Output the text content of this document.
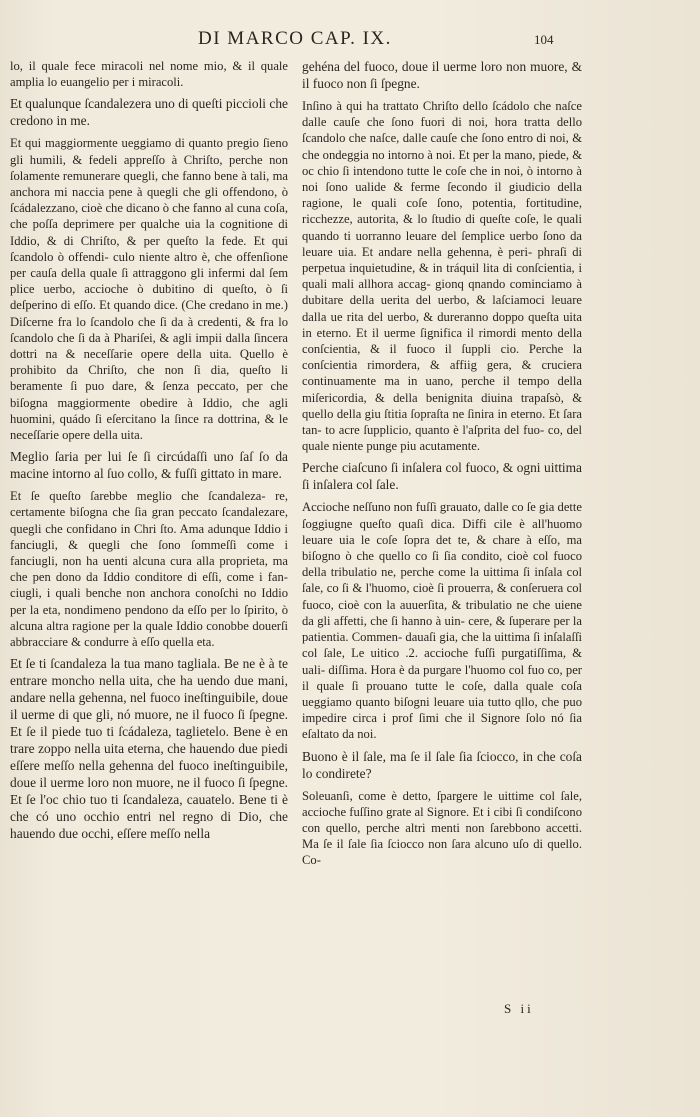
DI MARCO CAP. IX.	104

lo, il quale fece miracoli nel nome mio, & il quale amplia lo euangelio per i miracoli.

Et qualunque ſcandalezera uno di queſti piccioli che credono in me.

Et qui maggiormente ueggiamo di quanto pregio ſieno gli humili, & fedeli appreſſo à Chriſto, perche non ſolamente remunerare quegli, che fanno bene à tali, ma anchora mi naccia pene à quegli che gli offendono, ò ſcádalezzano, cioè che dicano ò che fanno al cuna coſa, che poſſa deprimere per qualche uia la cognitione di Iddio, & di Chriſto, & per queſto la fede. Et qui ſcandolo ò offendi‑ culo niente altro è, che offenſione per cauſa della quale ſi attraggono gli infermi dal ſem plice uerbo, accioche ò dubitino di queſto, ò ſi deſperino di eſſo. Et quando dice. (Che credano in me.) Diſcerne fra lo ſcandolo che ſi da à credenti, & fra lo ſcandolo che ſi da à Phariſei, & agli impii dalla ſincera dottri na & neceſſarie opere della uita. Quello è prohibito da Chriſto, che non ſi dia, queſto li beramente ſi puo dare, & ſenza peccato, per che biſogna maggiormente obedire à Iddio, che agli huomini, quádo ſi eſercitano la ſince ra dottrina, & le neceſſarie opere della uita.

Meglio ſaria per lui ſe ſi circúdaſſi uno ſaſ ſo da macine intorno al ſuo collo, & fuſſi gittato in mare.

Et ſe queſto ſarebbe meglio che ſcandaleza‑ re, certamente biſogna che ſia gran peccato ſcandalezare, quegli che confidano in Chri ſto. Ama adunque Iddio i fanciugli, & quegli che ſono ſommeſſi come i fanciugli, non ha uenti alcuna cura alla proprieta, ma che pen dono da Iddio conditore di eſſi, come i fan‑ ciugli, i quali benche non anchora conoſchi no Iddio per la eta, nondimeno pendono da eſſo per lo ſpirito, ò alcuna altra ragione per la quale Iddio conobbe douerſi abbracciare & condurre à eſſo quella eta.

Et ſe ti ſcandaleza la tua mano tagliala. Be ne è à te entrare moncho nella uita, che ha uendo due mani, andare nella gehenna, nel fuoco ineſtinguibile, doue il uerme di que gli, nó muore, ne il fuoco ſi ſpegne. Et ſe il piede tuo ti ſcádaleza, taglietelo. Bene è en trare zoppo nella uita eterna, che hauendo due piedi eſſere meſſo nella gehenna del fuoco ineſtinguibile, doue il uerme loro non muore, ne il fuoco ſi ſpegne. Et ſe l'oc chio tuo ti ſcandaleza, cauatelo. Bene ti è che có uno occhio entri nel regno di Dio, che hauendo due occhi, eſſere meſſo nella

gehéna del fuoco, doue il uerme loro non muore, & il fuoco non ſi ſpegne.

Inſino à qui ha trattato Chriſto dello ſcádolo che naſce dalle cauſe che ſono fuori di noi, hora tratta dello ſcandolo che naſce, dalle cauſe che ſono entro di noi, & che ondeggia no intorno à noi. Et per la mano, piede, & oc chio ſi intendono tutte le coſe che in noi, ò intorno à noi ſono ualide & ferme ſecondo il giudicio della ragione, le quali coſe ſono, potentia, fortitudine, ricchezze, autorita, & lo ſtudio di queſte coſe, le quali quando ti uorranno leuare del ſemplice uerbo ſono da leuare uia. Et andare nella gehenna, è peri‑ phraſi di perpetua inquietudine, & in tráquil lita di conſcientia, i quali mali allhora accag‑ gionq qnando cominciamo à dubitare della uerita del uerbo, & laſciamoci leuare dalla ue rita del uerbo, & dureranno doppo queſta uita in eterno. Et il uerme ſignifica il rimordi mento della conſcientia, & il fuoco il ſuppli cio. Perche la conſcientia rimordera, & affiig gera, & cruciera continuamente ma in uano, perche il tempo della miſericordia, & della benignita diuina trapaſsò, & quello della giu ſtitia ſopraſta ne ſinira in eterno. Et ſara tan‑ to acre ſupplicio, quanto è l'aſprita del fuo‑ co, del quale niente punge piu acutamente.

Perche ciaſcuno ſi inſalera col fuoco, & ogni uittima ſi inſalera col ſale.

Accioche neſſuno non fuſſi grauato, dalle co ſe gia dette ſoggiugne queſto quaſi dica. Diffi cile è all'huomo leuare uia le coſe ſopra det te, & chare à eſſo, ma biſogno ò che quello co ſi ſia condito, cioè col fuoco della tribulatio ne, perche come la uittima ſi inſala col ſale, co ſi & l'huomo, cioè ſi prouerra, & conſeruera col fuoco, cioè con la auuerſita, & tribulatio ne che uiene da gli affetti, che ſi hanno à uin‑ cere, & ſuperare per la patientia. Commen‑ dauaſi gia, che la uittima ſi inſalaſſi col ſale, Le uitico .2. accioche fuſſi purgatiſſima, & uali‑ diſſima. Hora è da purgare l'huomo col fuo co, per il quale ſi prouano tutte le coſe, dalla quale coſa ueggiamo quanto biſogni leuare uia tutto qllo, che puo impedire circa i prof ſimi che il Signore ſolo nó ſia eſaltato da noi.

Buono è il ſale, ma ſe il ſale ſia ſciocco, in che coſa lo condirete?

Soleuanſi, come è detto, ſpargere le uittime col ſale, accioche fuſſino grate al Signore. Et i cibi ſi condiſcono con quello, perche altri menti non ſarebbono accetti. Ma ſe il ſale ſia ſciocco non ſara alcuno uſo di quello. Co‑

S ii
